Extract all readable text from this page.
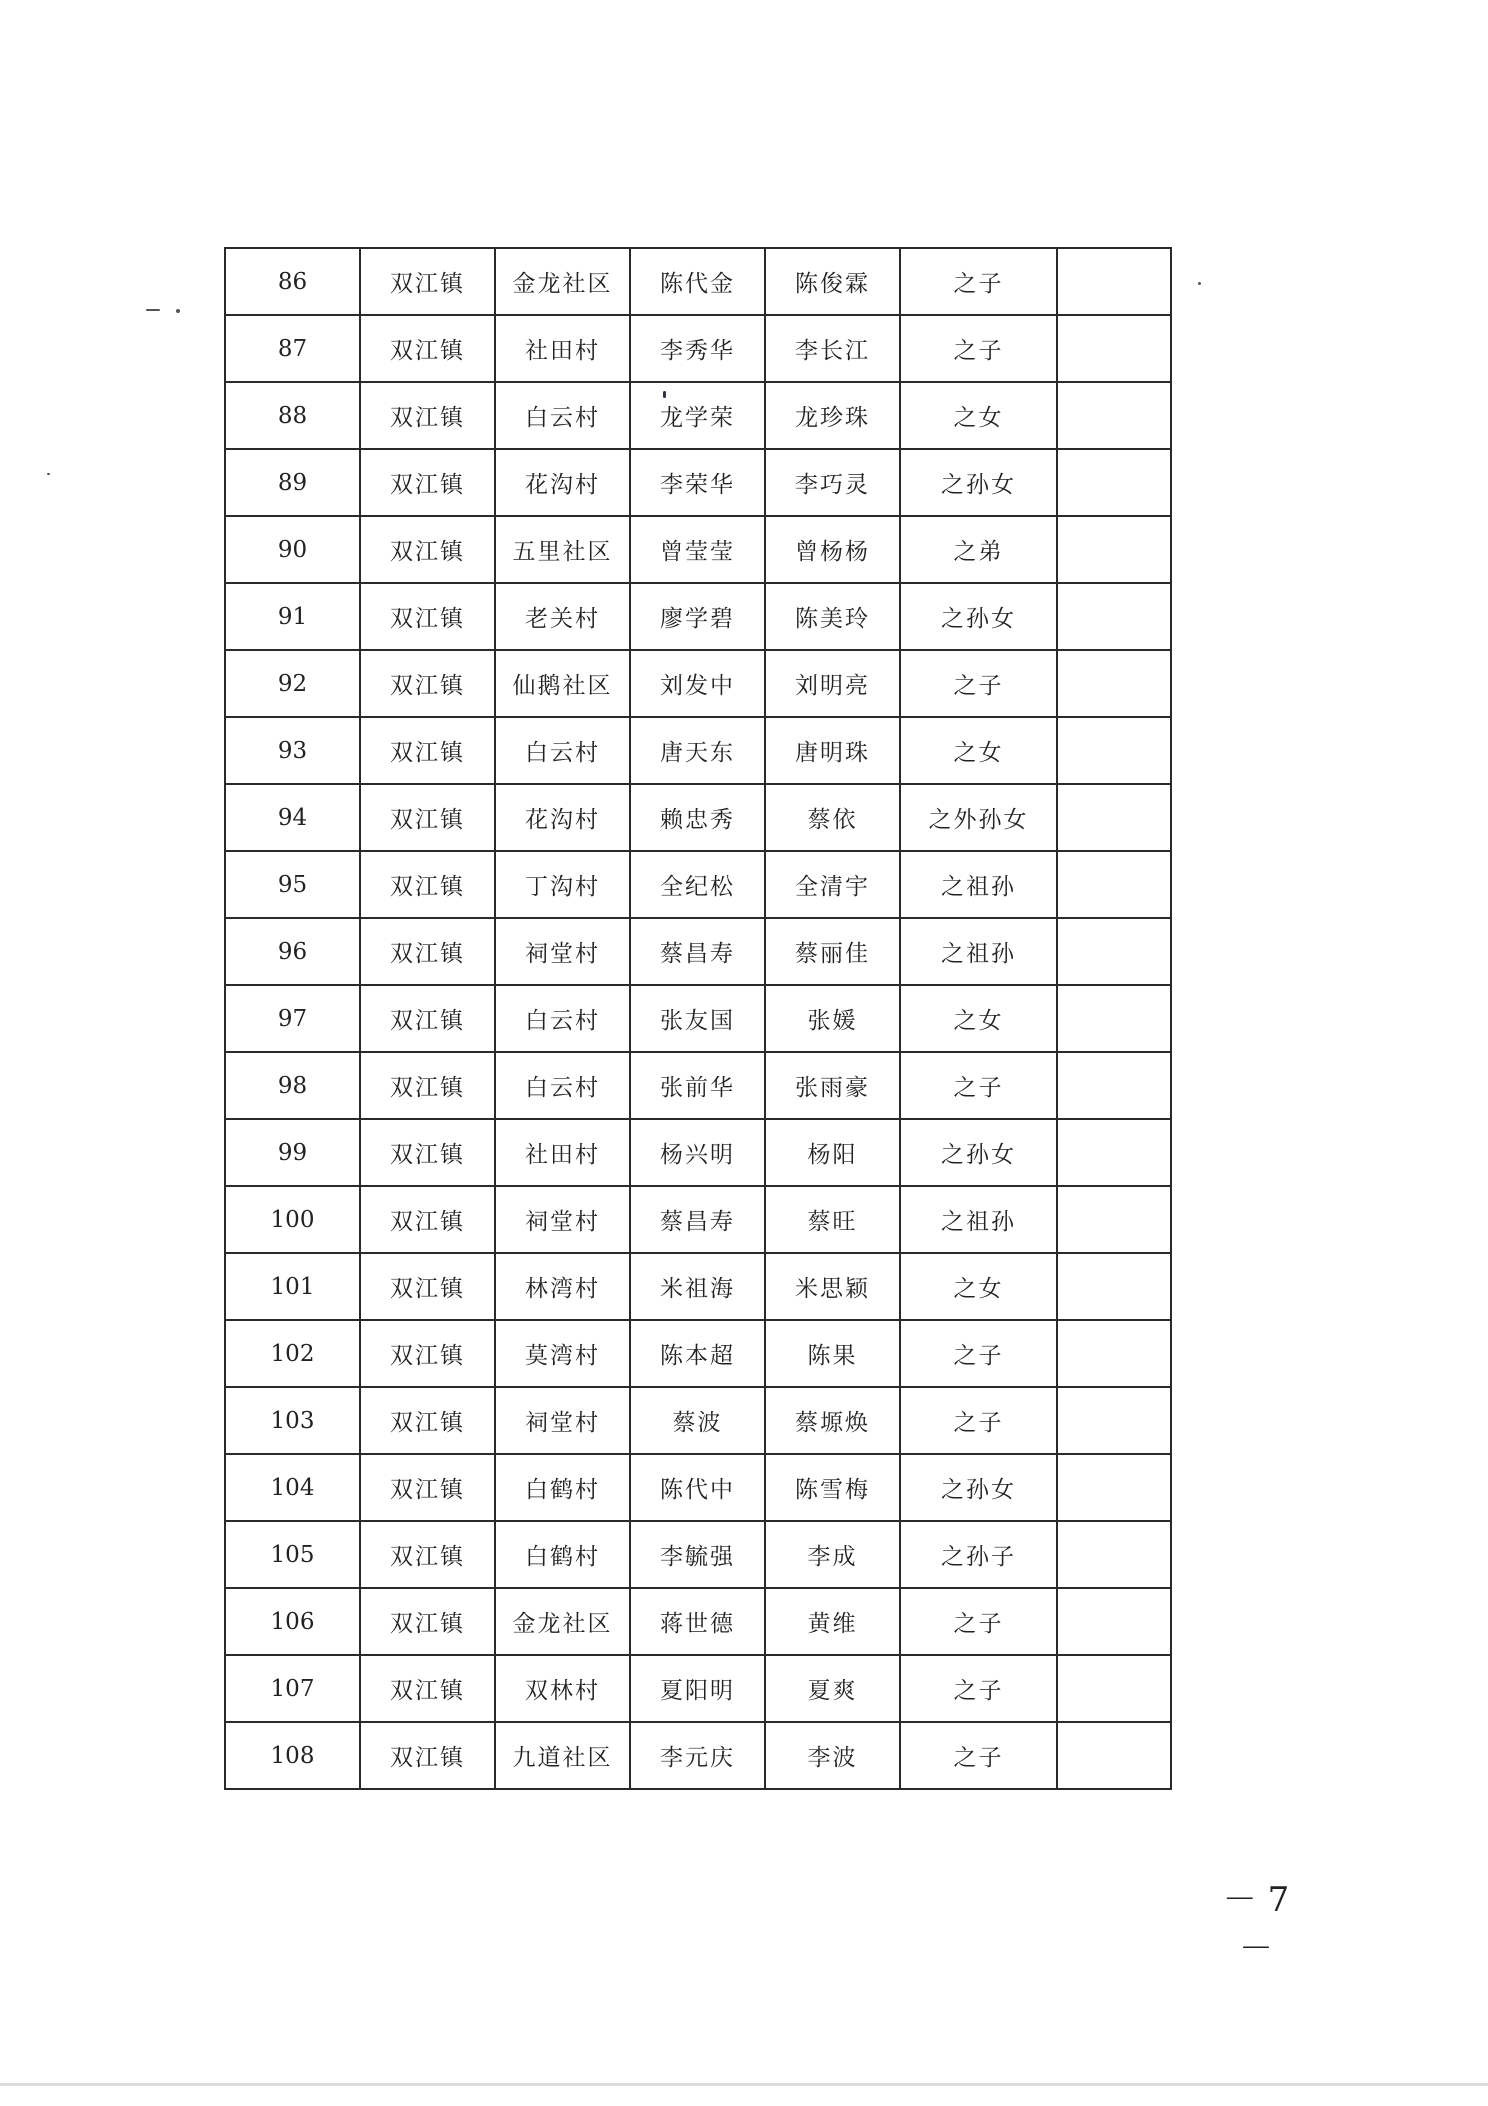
86	双江镇	金龙社区	陈代金	陈俊霖	之子	
87	双江镇	社田村	李秀华	李长江	之子	
88	双江镇	白云村	龙学荣	龙珍珠	之女	
89	双江镇	花沟村	李荣华	李巧灵	之孙女	
90	双江镇	五里社区	曾莹莹	曾杨杨	之弟	
91	双江镇	老关村	廖学碧	陈美玲	之孙女	
92	双江镇	仙鹅社区	刘发中	刘明亮	之子	
93	双江镇	白云村	唐天东	唐明珠	之女	
94	双江镇	花沟村	赖忠秀	蔡依	之外孙女	
95	双江镇	丁沟村	全纪松	全清宇	之祖孙	
96	双江镇	祠堂村	蔡昌寿	蔡丽佳	之祖孙	
97	双江镇	白云村	张友国	张媛	之女	
98	双江镇	白云村	张前华	张雨豪	之子	
99	双江镇	社田村	杨兴明	杨阳	之孙女	
100	双江镇	祠堂村	蔡昌寿	蔡旺	之祖孙	
101	双江镇	林湾村	米祖海	米思颖	之女	
102	双江镇	莫湾村	陈本超	陈果	之子	
103	双江镇	祠堂村	蔡波	蔡塬焕	之子	
104	双江镇	白鹤村	陈代中	陈雪梅	之孙女	
105	双江镇	白鹤村	李毓强	李成	之孙子	
106	双江镇	金龙社区	蒋世德	黄维	之子	
107	双江镇	双林村	夏阳明	夏爽	之子	
108	双江镇	九道社区	李元庆	李波	之子	
－ 7 －
